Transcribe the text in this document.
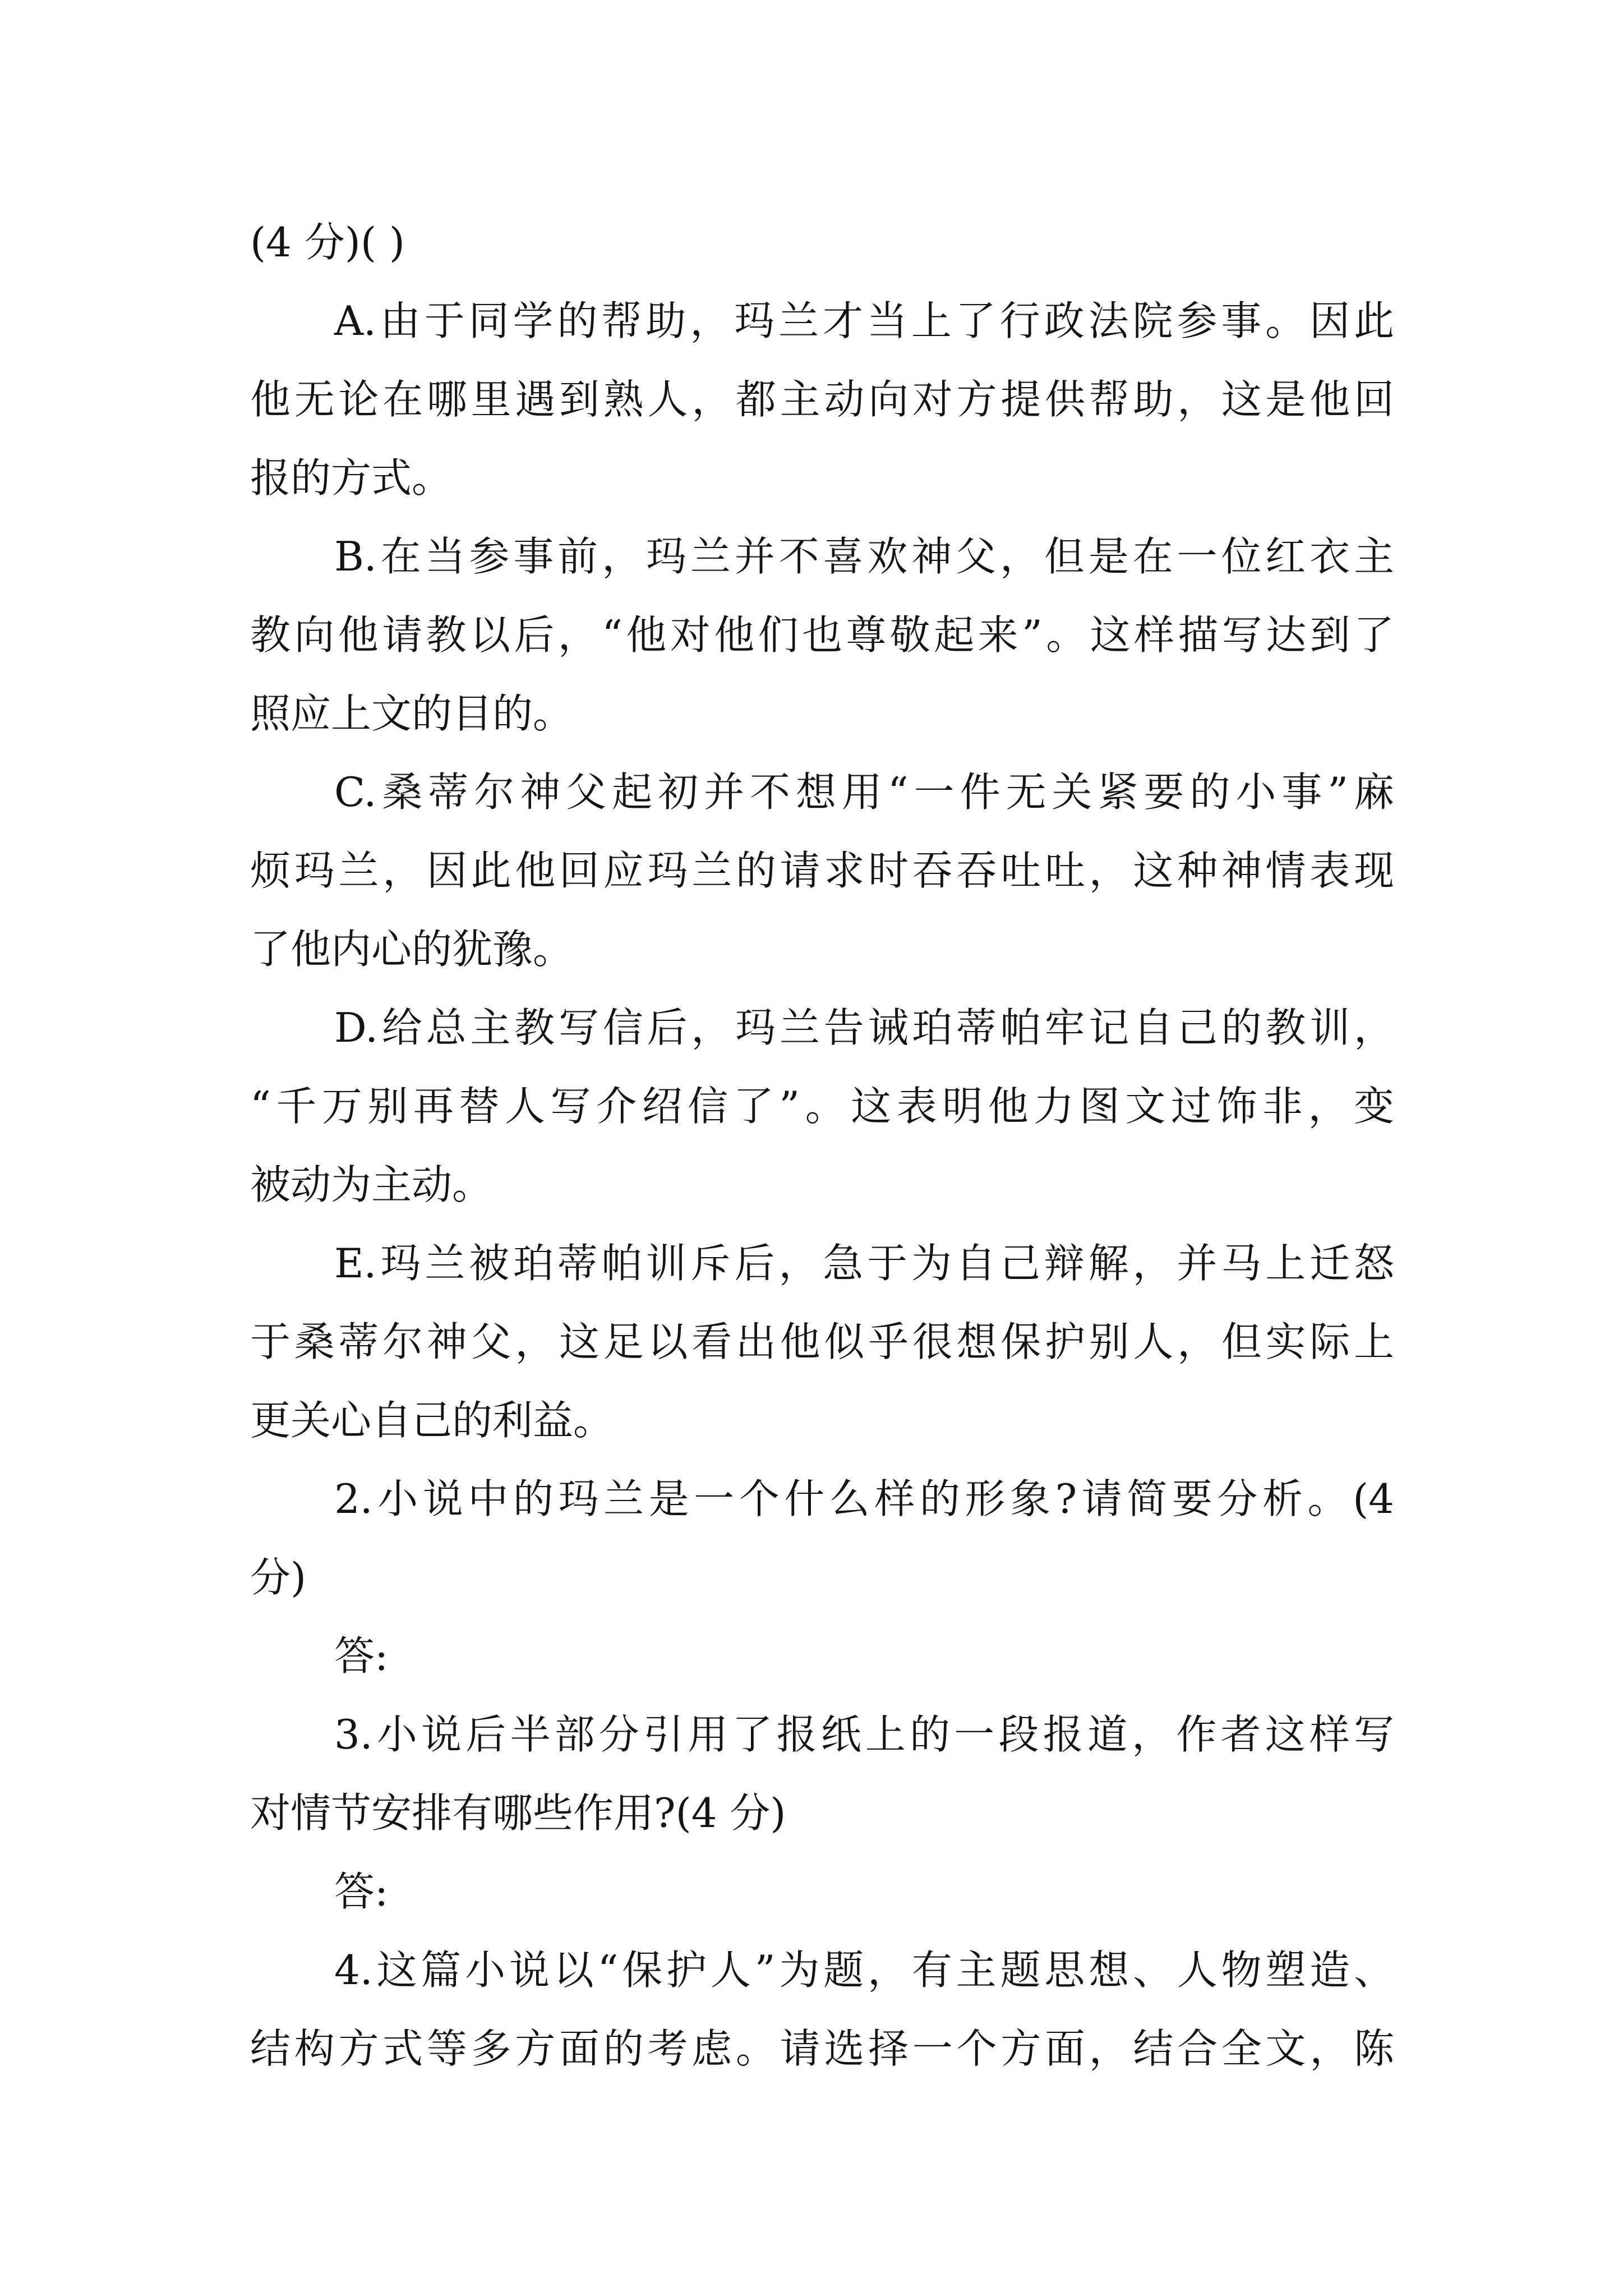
(4 分)( )

A.由于同学的帮助，玛兰才当上了行政法院参事。因此

他无论在哪里遇到熟人，都主动向对方提供帮助，这是他回

报的方式。

B.在当参事前，玛兰并不喜欢神父，但是在一位红衣主

教向他请教以后，“他对他们也尊敬起来”。这样描写达到了

照应上文的目的。

C.桑蒂尔神父起初并不想用“一件无关紧要的小事”麻

烦玛兰，因此他回应玛兰的请求时吞吞吐吐，这种神情表现

了他内心的犹豫。

D.给总主教写信后，玛兰告诫珀蒂帕牢记自己的教训，

“千万别再替人写介绍信了”。这表明他力图文过饰非，变

被动为主动。

E.玛兰被珀蒂帕训斥后，急于为自己辩解，并马上迁怒

于桑蒂尔神父，这足以看出他似乎很想保护别人，但实际上

更关心自己的利益。

2.小说中的玛兰是一个什么样的形象?请简要分析。(4

分)

答:

3.小说后半部分引用了报纸上的一段报道，作者这样写

对情节安排有哪些作用?(4 分)

答:

4.这篇小说以“保护人”为题，有主题思想、人物塑造、

结构方式等多方面的考虑。请选择一个方面，结合全文，陈
